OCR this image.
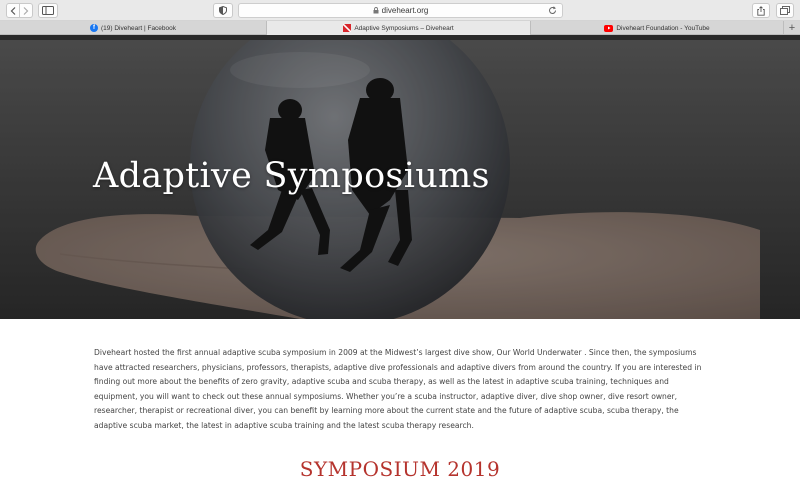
diveheart.org
f (19) Diveheart | Facebook	Adaptive Symposiums – Diveheart	Diveheart Foundation - YouTube	+
Adaptive Symposiums

Diveheart hosted the first annual adaptive scuba symposium in 2009 at the Midwest’s largest dive show, Our World Underwater . Since then, the symposiums have attracted researchers, physicians, professors, therapists, adaptive dive professionals and adaptive divers from around the country. If you are interested in finding out more about the benefits of zero gravity, adaptive scuba and scuba therapy, as well as the latest in adaptive scuba training, techniques and equipment, you will want to check out these annual symposiums. Whether you’re a scuba instructor, adaptive diver, dive shop owner, dive resort owner, researcher, therapist or recreational diver, you can benefit by learning more about the current state and the future of adaptive scuba, scuba therapy, the adaptive scuba market, the latest in adaptive scuba training and the latest scuba therapy research.

SYMPOSIUM 2019
